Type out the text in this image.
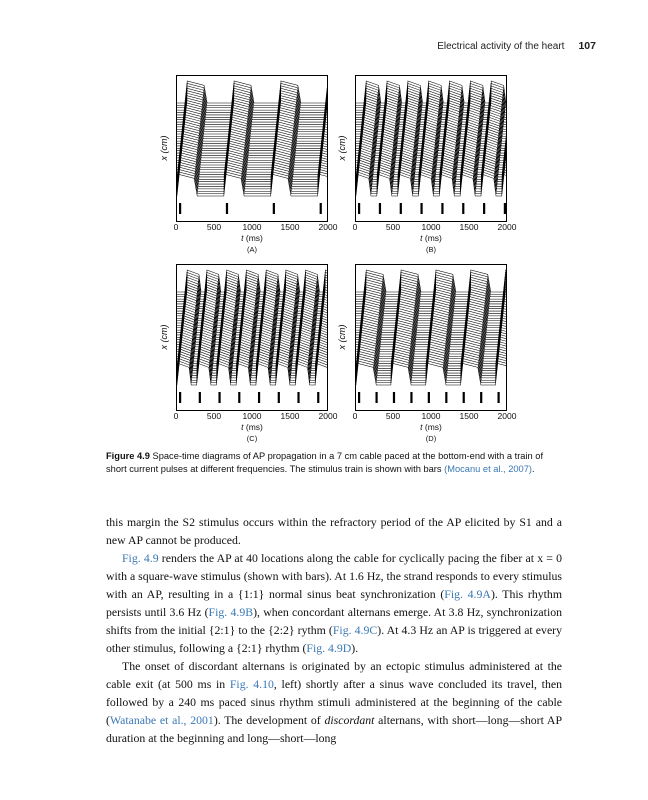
Electrical activity of the heart 107
x (cm)	x (cm)
x (cm)	x (cm)
0	500	1000 1500 2000 0	500	1000 1500 2000
0	500	1000 1500 2000 0	500	1000 1500 2000
t (ms)	t (ms)
t (ms)	t (ms)
(A)	(B)
(C)	(D)
Figure 4.9 Space-time diagrams of AP propagation in a 7 cm cable paced at the bottom-end with a train of short current pulses at different frequencies. The stimulus train is shown with bars (Mocanu et al., 2007).

this margin the S2 stimulus occurs within the refractory period of the AP elicited by S1 and a new AP cannot be produced.

Fig. 4.9 renders the AP at 40 locations along the cable for cyclically pacing the fiber at x = 0 with a square-wave stimulus (shown with bars). At 1.6 Hz, the strand responds to every stimulus with an AP, resulting in a {1:1} normal sinus beat synchronization (Fig. 4.9A). This rhythm persists until 3.6 Hz (Fig. 4.9B), when concordant alternans emerge. At 3.8 Hz, synchronization shifts from the initial {2:1} to the {2:2} rythm (Fig. 4.9C). At 4.3 Hz an AP is triggered at every other stimulus, following a {2:1} rhythm (Fig. 4.9D).

The onset of discordant alternans is originated by an ectopic stimulus administered at the cable exit (at 500 ms in Fig. 4.10, left) shortly after a sinus wave concluded its travel, then followed by a 240 ms paced sinus rhythm stimuli administered at the beginning of the cable (Watanabe et al., 2001). The development of discordant alternans, with short—long—short AP duration at the beginning and long—short—long
